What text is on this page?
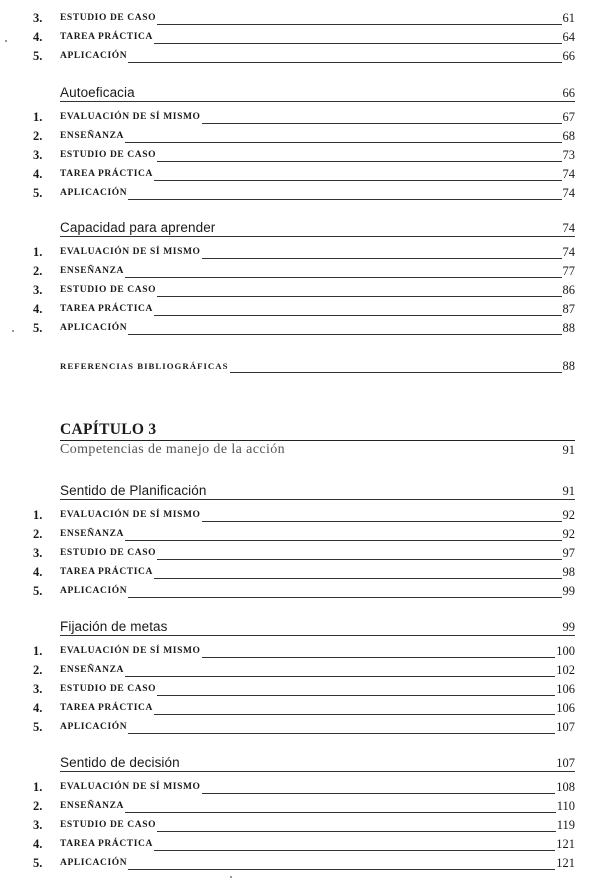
3. ESTUDIO DE CASO	61
4. TAREA PRÁCTICA	64
5. APLICACIÓN	66
Autoeficacia	66
1. EVALUACIÓN DE SÍ MISMO	67
2. ENSEÑANZA	68
3. ESTUDIO DE CASO	73
4. TAREA PRÁCTICA	74
5. APLICACIÓN	74
Capacidad para aprender	74
1. EVALUACIÓN DE SÍ MISMO	74
2. ENSEÑANZA	77
3. ESTUDIO DE CASO	86
4. TAREA PRÁCTICA	87
5. APLICACIÓN	88
REFERENCIAS BIBLIOGRÁFICAS	88
CAPÍTULO 3
Competencias de manejo de la acción	91
Sentido de Planificación	91
1. EVALUACIÓN DE SÍ MISMO	92
2. ENSEÑANZA	92
3. ESTUDIO DE CASO	97
4. TAREA PRÁCTICA	98
5. APLICACIÓN	99
Fijación de metas	99
1. EVALUACIÓN DE SÍ MISMO	100
2. ENSEÑANZA	102
3. ESTUDIO DE CASO	106
4. TAREA PRÁCTICA	106
5. APLICACIÓN	107
Sentido de decisión	107
1. EVALUACIÓN DE SÍ MISMO	108
2. ENSEÑANZA	110
3. ESTUDIO DE CASO	119
4. TAREA PRÁCTICA	121
5. APLICACIÓN	121
